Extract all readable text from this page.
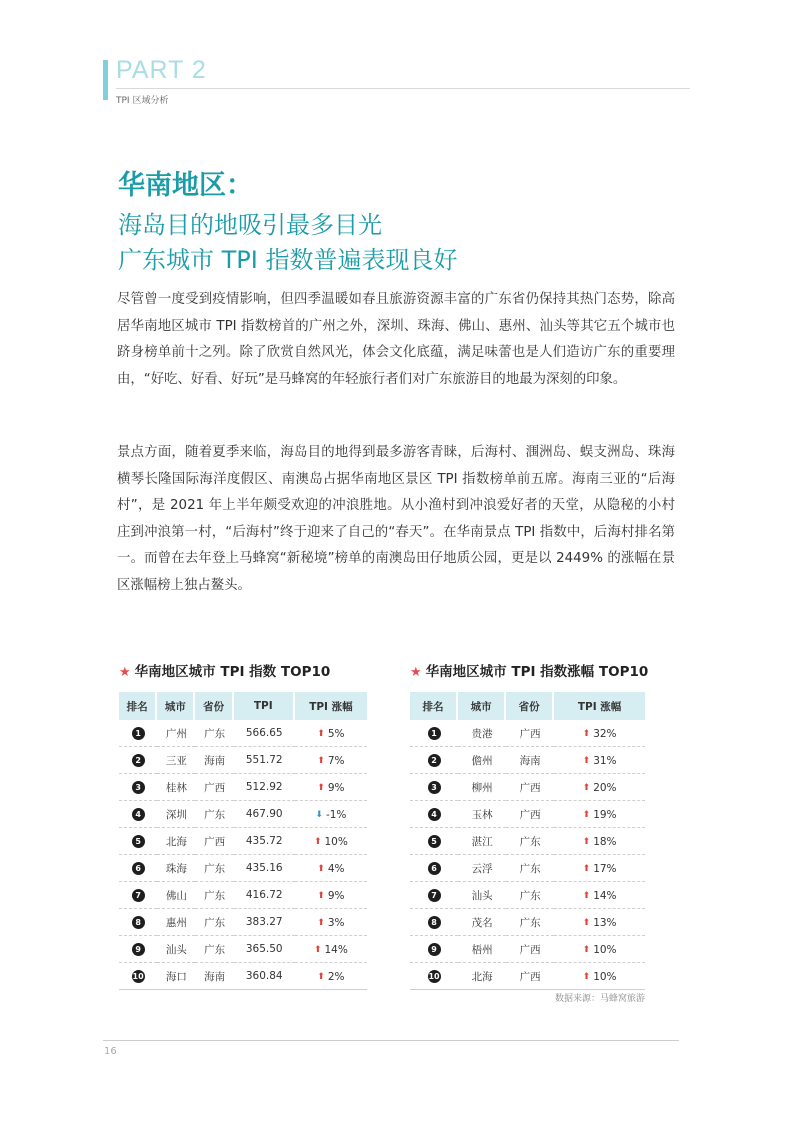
PART 2
TPI 区域分析
华南地区：
海岛目的地吸引最多目光
广东城市 TPI 指数普遍表现良好

尽管曾一度受到疫情影响，但四季温暖如春且旅游资源丰富的广东省仍保持其热门态势，除高居华南地区城市 TPI 指数榜首的广州之外，深圳、珠海、佛山、惠州、汕头等其它五个城市也跻身榜单前十之列。除了欣赏自然风光，体会文化底蕴，满足味蕾也是人们造访广东的重要理由，“好吃、好看、好玩”是马蜂窝的年轻旅行者们对广东旅游目的地最为深刻的印象。

景点方面，随着夏季来临，海岛目的地得到最多游客青睐，后海村、涠洲岛、蜈支洲岛、珠海横琴长隆国际海洋度假区、南澳岛占据华南地区景区 TPI 指数榜单前五席。海南三亚的“后海村”，是 2021 年上半年颇受欢迎的冲浪胜地。从小渔村到冲浪爱好者的天堂，从隐秘的小村庄到冲浪第一村，“后海村”终于迎来了自己的“春天”。在华南景点 TPI 指数中，后海村排名第一。而曾在去年登上马蜂窝“新秘境”榜单的南澳岛田仔地质公园，更是以 2449% 的涨幅在景区涨幅榜上独占鳌头。

★ 华南地区城市 TPI 指数 TOP10
排名	城市	省份	TPI	TPI 涨幅
1	广州	广东	566.65	⬆ 5%

2	三亚	海南	551.72	⬆ 7%

3	桂林	广西	512.92	⬆ 9%

4	深圳	广东	467.90	⬇ -1%

5	北海	广西	435.72	⬆ 10%

6	珠海	广东	435.16	⬆ 4%

7	佛山	广东	416.72	⬆ 9%

8	惠州	广东	383.27	⬆ 3%

9	汕头	广东	365.50	⬆ 14%

10	海口	海南	360.84	⬆ 2%
★ 华南地区城市 TPI 指数涨幅 TOP10
排名	城市	省份	TPI 涨幅
1	贵港	广西	⬆ 32%

2	儋州	海南	⬆ 31%

3	柳州	广西	⬆ 20%

4	玉林	广西	⬆ 19%

5	湛江	广东	⬆ 18%

6	云浮	广东	⬆ 17%

7	汕头	广东	⬆ 14%

8	茂名	广东	⬆ 13%

9	梧州	广西	⬆ 10%

10	北海	广西	⬆ 10%
数据来源：马蜂窝旅游
16
